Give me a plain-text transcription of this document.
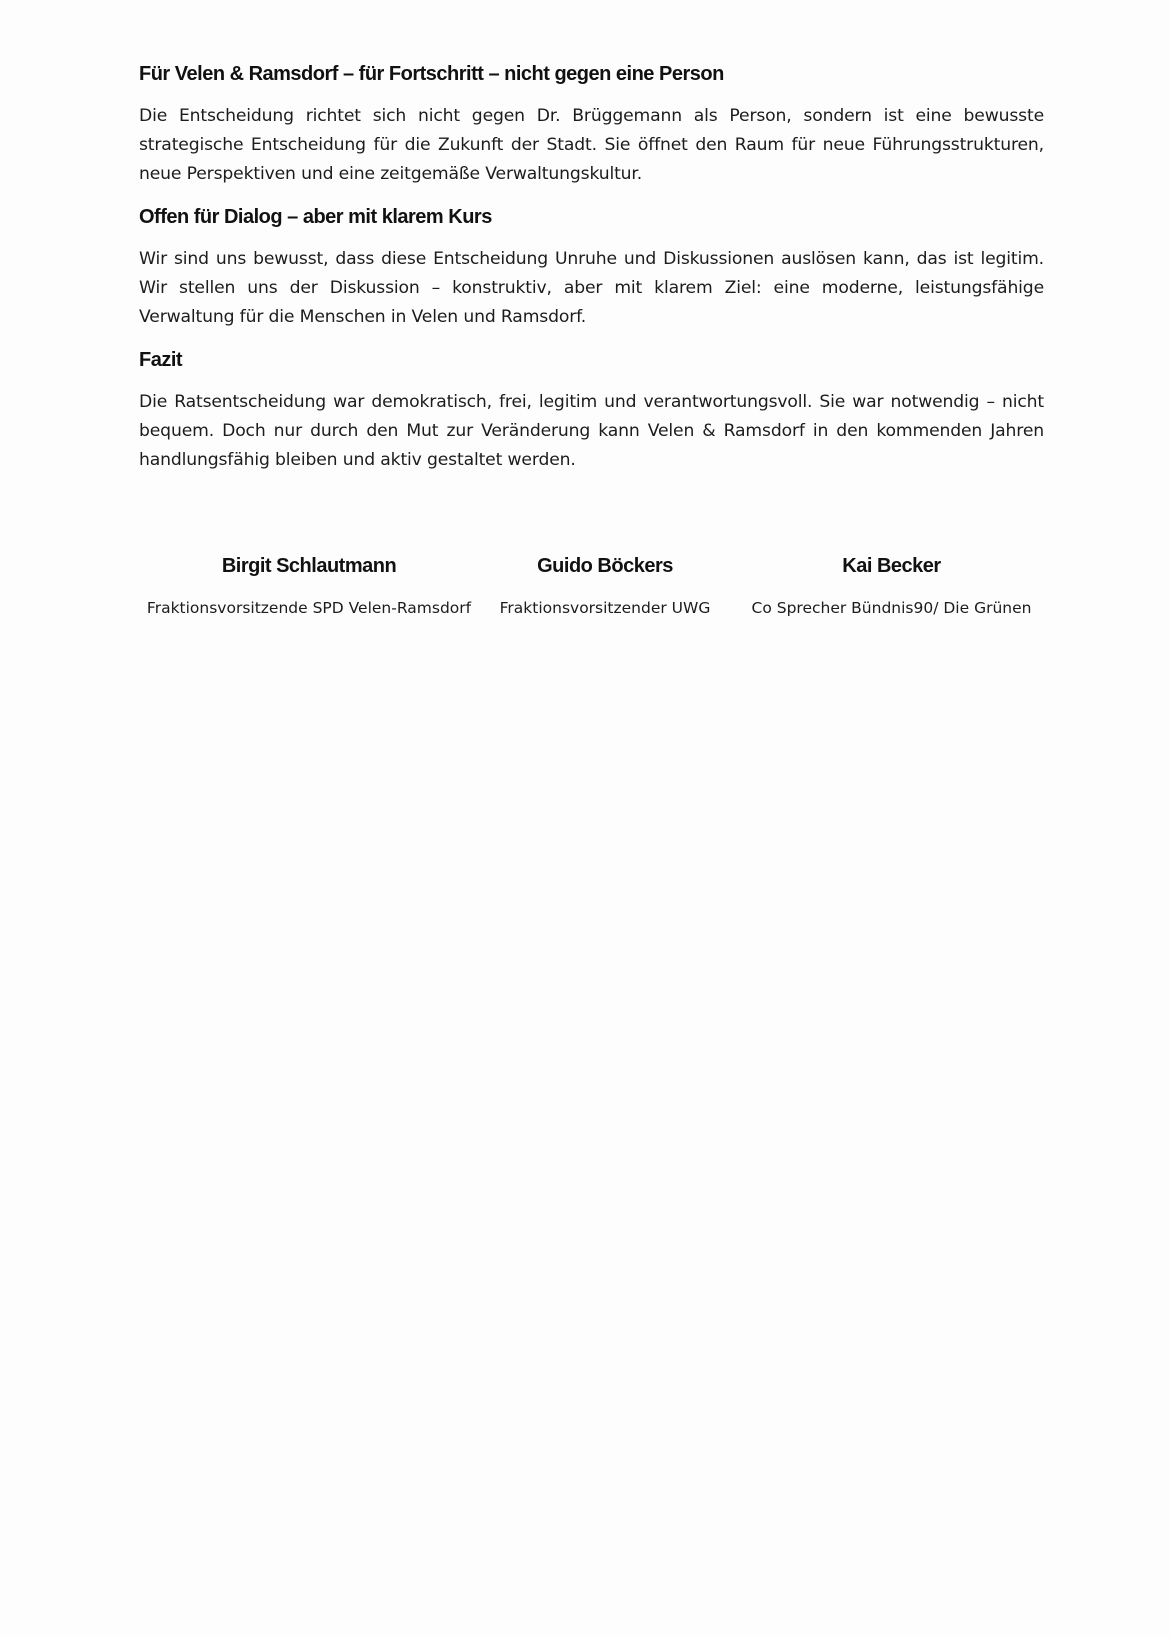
Für Velen & Ramsdorf – für Fortschritt – nicht gegen eine Person

Die Entscheidung richtet sich nicht gegen Dr. Brüggemann als Person, sondern ist eine bewusste strategische Entscheidung für die Zukunft der Stadt. Sie öffnet den Raum für neue Führungsstrukturen, neue Perspektiven und eine zeitgemäße Verwaltungskultur.

Offen für Dialog – aber mit klarem Kurs

Wir sind uns bewusst, dass diese Entscheidung Unruhe und Diskussionen auslösen kann, das ist legitim. Wir stellen uns der Diskussion – konstruktiv, aber mit klarem Ziel: eine moderne, leistungsfähige Verwaltung für die Menschen in Velen und Ramsdorf.

Fazit

Die Ratsentscheidung war demokratisch, frei, legitim und verantwortungsvoll. Sie war notwendig – nicht bequem. Doch nur durch den Mut zur Veränderung kann Velen & Ramsdorf in den kommenden Jahren handlungsfähig bleiben und aktiv gestaltet werden.

Birgit Schlautmann
Fraktionsvorsitzende SPD Velen-Ramsdorf
Guido Böckers
Fraktionsvorsitzender UWG
Kai Becker
Co Sprecher Bündnis90/ Die Grünen
